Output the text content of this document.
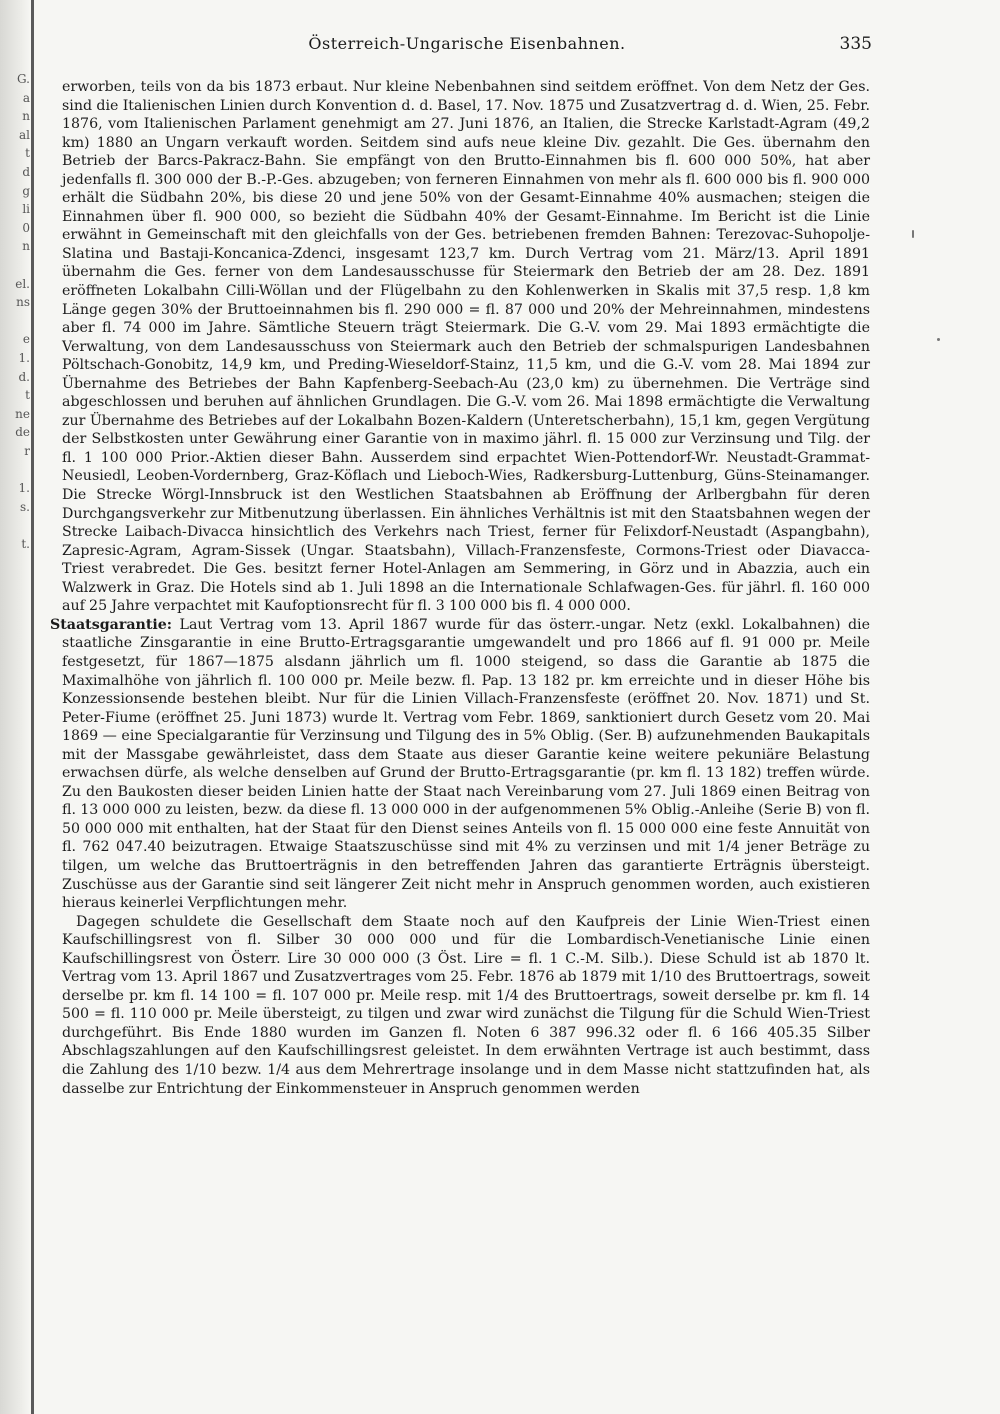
G.
a
n
al
t
d
g
li
0
n
el.
ns
e
1.
d.
t
ne
de
r
1.
s.
t.
Österreich-Ungarische Eisenbahnen.	335

erworben, teils von da bis 1873 erbaut. Nur kleine Nebenbahnen sind seitdem eröffnet. Von dem Netz der Ges. sind die Italienischen Linien durch Konvention d. d. Basel, 17. Nov. 1875 und Zusatzvertrag d. d. Wien, 25. Febr. 1876, vom Italienischen Parlament genehmigt am 27. Juni 1876, an Italien, die Strecke Karlstadt-Agram (49,2 km) 1880 an Ungarn verkauft worden. Seitdem sind aufs neue kleine Div. gezahlt. Die Ges. übernahm den Betrieb der Barcs-Pakracz-Bahn. Sie empfängt von den Brutto-Einnahmen bis fl. 600 000 50%, hat aber jedenfalls fl. 300 000 der B.-P.-Ges. abzugeben; von ferneren Einnahmen von mehr als fl. 600 000 bis fl. 900 000 erhält die Südbahn 20%, bis diese 20 und jene 50% von der Gesamt-Einnahme 40% ausmachen; steigen die Einnahmen über fl. 900 000, so bezieht die Südbahn 40% der Gesamt-Einnahme. Im Bericht ist die Linie erwähnt in Gemeinschaft mit den gleichfalls von der Ges. betriebenen fremden Bahnen: Terezovac-Suhopolje-Slatina und Bastaji-Koncanica-Zdenci, insgesamt 123,7 km. Durch Vertrag vom 21. März/13. April 1891 übernahm die Ges. ferner von dem Landesausschusse für Steiermark den Betrieb der am 28. Dez. 1891 eröffneten Lokalbahn Cilli-Wöllan und der Flügelbahn zu den Kohlenwerken in Skalis mit 37,5 resp. 1,8 km Länge gegen 30% der Bruttoeinnahmen bis fl. 290 000 = fl. 87 000 und 20% der Mehreinnahmen, mindestens aber fl. 74 000 im Jahre. Sämtliche Steuern trägt Steiermark. Die G.-V. vom 29. Mai 1893 ermächtigte die Verwaltung, von dem Landesausschuss von Steiermark auch den Betrieb der schmalspurigen Landesbahnen Pöltschach-Gonobitz, 14,9 km, und Preding-Wieseldorf-Stainz, 11,5 km, und die G.-V. vom 28. Mai 1894 zur Übernahme des Betriebes der Bahn Kapfenberg-Seebach-Au (23,0 km) zu übernehmen. Die Verträge sind abgeschlossen und beruhen auf ähnlichen Grundlagen. Die G.-V. vom 26. Mai 1898 ermächtigte die Verwaltung zur Übernahme des Betriebes auf der Lokalbahn Bozen-Kaldern (Unteretscherbahn), 15,1 km, gegen Vergütung der Selbstkosten unter Gewährung einer Garantie von in maximo jährl. fl. 15 000 zur Verzinsung und Tilg. der fl. 1 100 000 Prior.-Aktien dieser Bahn. Ausserdem sind erpachtet Wien-Pottendorf-Wr. Neustadt-Grammat-Neusiedl, Leoben-Vordernberg, Graz-Köflach und Lieboch-Wies, Radkersburg-Luttenburg, Güns-Steinamanger. Die Strecke Wörgl-Innsbruck ist den Westlichen Staatsbahnen ab Eröffnung der Arlbergbahn für deren Durchgangsverkehr zur Mitbenutzung überlassen. Ein ähnliches Verhältnis ist mit den Staatsbahnen wegen der Strecke Laibach-Divacca hinsichtlich des Verkehrs nach Triest, ferner für Felixdorf-Neustadt (Aspangbahn), Zapresic-Agram, Agram-Sissek (Ungar. Staatsbahn), Villach-Franzensfeste, Cormons-Triest oder Diavacca-Triest verabredet. Die Ges. besitzt ferner Hotel-Anlagen am Semmering, in Görz und in Abazzia, auch ein Walzwerk in Graz. Die Hotels sind ab 1. Juli 1898 an die Internationale Schlafwagen-Ges. für jährl. fl. 160 000 auf 25 Jahre verpachtet mit Kaufoptionsrecht für fl. 3 100 000 bis fl. 4 000 000.

Staatsgarantie: Laut Vertrag vom 13. April 1867 wurde für das österr.-ungar. Netz (exkl. Lokalbahnen) die staatliche Zinsgarantie in eine Brutto-Ertragsgarantie umgewandelt und pro 1866 auf fl. 91 000 pr. Meile festgesetzt, für 1867—1875 alsdann jährlich um fl. 1000 steigend, so dass die Garantie ab 1875 die Maximalhöhe von jährlich fl. 100 000 pr. Meile bezw. fl. Pap. 13 182 pr. km erreichte und in dieser Höhe bis Konzessionsende bestehen bleibt. Nur für die Linien Villach-Franzensfeste (eröffnet 20. Nov. 1871) und St. Peter-Fiume (eröffnet 25. Juni 1873) wurde lt. Vertrag vom Febr. 1869, sanktioniert durch Gesetz vom 20. Mai 1869 — eine Specialgarantie für Verzinsung und Tilgung des in 5% Oblig. (Ser. B) aufzunehmenden Baukapitals mit der Massgabe gewährleistet, dass dem Staate aus dieser Garantie keine weitere pekuniäre Belastung erwachsen dürfe, als welche denselben auf Grund der Brutto-Ertragsgarantie (pr. km fl. 13 182) treffen würde. Zu den Baukosten dieser beiden Linien hatte der Staat nach Vereinbarung vom 27. Juli 1869 einen Beitrag von fl. 13 000 000 zu leisten, bezw. da diese fl. 13 000 000 in der aufgenommenen 5% Oblig.-Anleihe (Serie B) von fl. 50 000 000 mit enthalten, hat der Staat für den Dienst seines Anteils von fl. 15 000 000 eine feste Annuität von fl. 762 047.40 beizutragen. Etwaige Staatszuschüsse sind mit 4% zu verzinsen und mit 1/4 jener Beträge zu tilgen, um welche das Bruttoerträgnis in den betreffenden Jahren das garantierte Erträgnis übersteigt. Zuschüsse aus der Garantie sind seit längerer Zeit nicht mehr in Anspruch genommen worden, auch existieren hieraus keinerlei Verpflichtungen mehr.

Dagegen schuldete die Gesellschaft dem Staate noch auf den Kaufpreis der Linie Wien-Triest einen Kaufschillingsrest von fl. Silber 30 000 000 und für die Lombardisch-Venetianische Linie einen Kaufschillingsrest von Österr. Lire 30 000 000 (3 Öst. Lire = fl. 1 C.-M. Silb.). Diese Schuld ist ab 1870 lt. Vertrag vom 13. April 1867 und Zusatzvertrages vom 25. Febr. 1876 ab 1879 mit 1/10 des Bruttoertrags, soweit derselbe pr. km fl. 14 100 = fl. 107 000 pr. Meile resp. mit 1/4 des Bruttoertrags, soweit derselbe pr. km fl. 14 500 = fl. 110 000 pr. Meile übersteigt, zu tilgen und zwar wird zunächst die Tilgung für die Schuld Wien-Triest durchgeführt. Bis Ende 1880 wurden im Ganzen fl. Noten 6 387 996.32 oder fl. 6 166 405.35 Silber Abschlagszahlungen auf den Kaufschillingsrest geleistet. In dem erwähnten Vertrage ist auch bestimmt, dass die Zahlung des 1/10 bezw. 1/4 aus dem Mehrertrage insolange und in dem Masse nicht stattzufinden hat, als dasselbe zur Entrichtung der Einkommensteuer in Anspruch genommen werden
